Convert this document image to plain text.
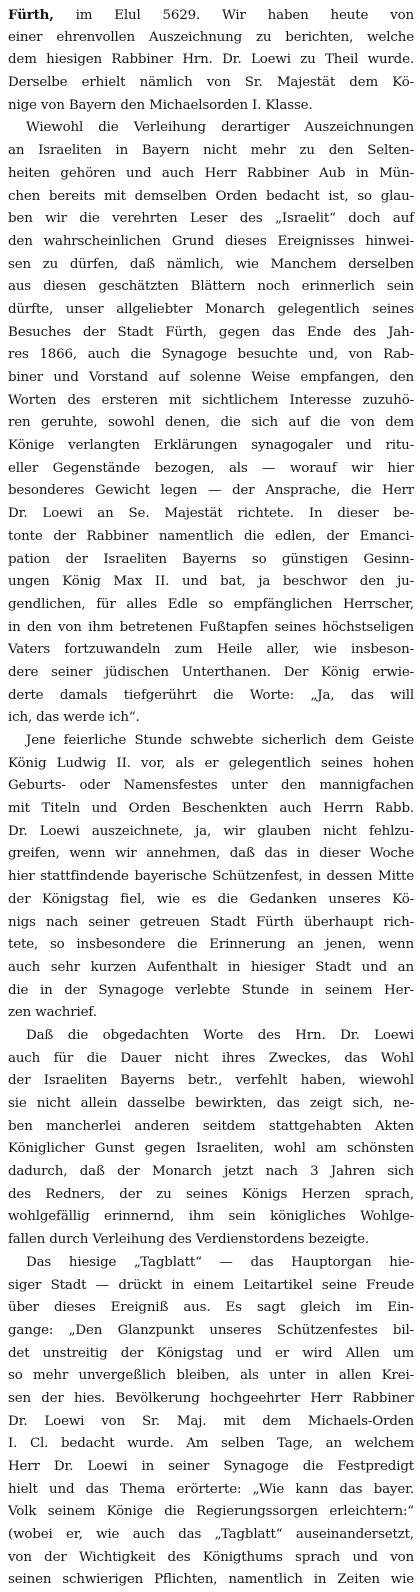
Fürth, im Elul 5629. Wir haben heute von
einer ehrenvollen Auszeichnung zu berichten, welche
dem hiesigen Rabbiner Hrn. Dr. Loewi zu Theil wurde.
Derselbe erhielt nämlich von Sr. Majestät dem Kö-
nige von Bayern den Michaelsorden I. Klasse.
Wiewohl die Verleihung derartiger Auszeichnungen
an Israeliten in Bayern nicht mehr zu den Selten-
heiten gehören und auch Herr Rabbiner Aub in Mün-
chen bereits mit demselben Orden bedacht ist, so glau-
ben wir die verehrten Leser des „Israelit“ doch auf
den wahrscheinlichen Grund dieses Ereignisses hinwei-
sen zu dürfen, daß nämlich, wie Manchem derselben
aus diesen geschätzten Blättern noch erinnerlich sein
dürfte, unser allgeliebter Monarch gelegentlich seines
Besuches der Stadt Fürth, gegen das Ende des Jah-
res 1866, auch die Synagoge besuchte und, von Rab-
biner und Vorstand auf solenne Weise empfangen, den
Worten des ersteren mit sichtlichem Interesse zuzuhö-
ren geruhte, sowohl denen, die sich auf die von dem
Könige verlangten Erklärungen synagogaler und ritu-
eller Gegenstände bezogen, als — worauf wir hier
besonderes Gewicht legen — der Ansprache, die Herr
Dr. Loewi an Se. Majestät richtete. In dieser be-
tonte der Rabbiner namentlich die edlen, der Emanci-
pation der Israeliten Bayerns so günstigen Gesinn-
ungen König Max II. und bat, ja beschwor den ju-
gendlichen, für alles Edle so empfänglichen Herrscher,
in den von ihm betretenen Fußtapfen seines höchstseligen
Vaters fortzuwandeln zum Heile aller, wie insbeson-
dere seiner jüdischen Unterthanen. Der König erwie-
derte damals tiefgerührt die Worte: „Ja, das will
ich, das werde ich“.
Jene feierliche Stunde schwebte sicherlich dem Geiste
König Ludwig II. vor, als er gelegentlich seines hohen
Geburts- oder Namensfestes unter den mannigfachen
mit Titeln und Orden Beschenkten auch Herrn Rabb.
Dr. Loewi auszeichnete, ja, wir glauben nicht fehlzu-
greifen, wenn wir annehmen, daß das in dieser Woche
hier stattfindende bayerische Schützenfest, in dessen Mitte
der Königstag fiel, wie es die Gedanken unseres Kö-
nigs nach seiner getreuen Stadt Fürth überhaupt rich-
tete, so insbesondere die Erinnerung an jenen, wenn
auch sehr kurzen Aufenthalt in hiesiger Stadt und an
die in der Synagoge verlebte Stunde in seinem Her-
zen wachrief.
Daß die obgedachten Worte des Hrn. Dr. Loewi
auch für die Dauer nicht ihres Zweckes, das Wohl
der Israeliten Bayerns betr., verfehlt haben, wiewohl
sie nicht allein dasselbe bewirkten, das zeigt sich, ne-
ben mancherlei anderen seitdem stattgehabten Akten
Königlicher Gunst gegen Israeliten, wohl am schönsten
dadurch, daß der Monarch jetzt nach 3 Jahren sich
des Redners, der zu seines Königs Herzen sprach,
wohlgefällig erinnernd, ihm sein königliches Wohlge-
fallen durch Verleihung des Verdienstordens bezeigte.
Das hiesige „Tagblatt“ — das Hauptorgan hie-
siger Stadt — drückt in einem Leitartikel seine Freude
über dieses Ereigniß aus. Es sagt gleich im Ein-
gange: „Den Glanzpunkt unseres Schützenfestes bil-
det unstreitig der Königstag und er wird Allen um
so mehr unvergeßlich bleiben, als unter in allen Krei-
sen der hies. Bevölkerung hochgeehrter Herr Rabbiner
Dr. Loewi von Sr. Maj. mit dem Michaels-Orden
I. Cl. bedacht wurde. Am selben Tage, an welchem
Herr Dr. Loewi in seiner Synagoge die Festpredigt
hielt und das Thema erörterte: „Wie kann das bayer.
Volk seinem Könige die Regierungssorgen erleichtern:“
(wobei er, wie auch das „Tagblatt“ auseinandersetzt,
von der Wichtigkeit des Königthums sprach und von
seinen schwierigen Pflichten, namentlich in Zeiten wie
